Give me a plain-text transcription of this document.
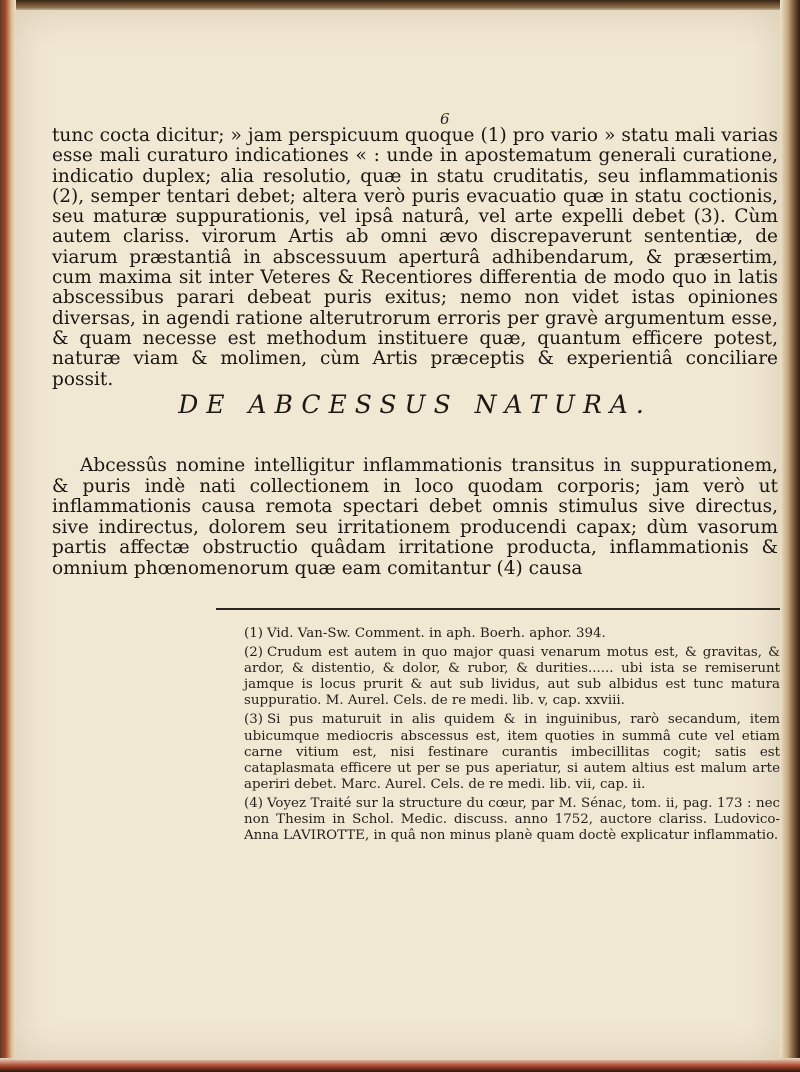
6

tunc cocta dicitur; » jam perspicuum quoque (1) pro vario » statu mali varias esse mali curaturo indicationes « : unde in apostematum generali curatione, indicatio duplex; alia resolutio, quæ in statu cruditatis, seu inflammationis (2), semper tentari debet; altera verò puris evacuatio quæ in statu coctionis, seu maturæ suppurationis, vel ipsâ naturâ, vel arte expelli debet (3). Cùm autem clariss. virorum Artis ab omni ævo discrepaverunt sententiæ, de viarum præstantiâ in abscessuum aperturâ adhibendarum, & præsertim, cum maxima sit inter Veteres & Recentiores differentia de modo quo in latis abscessibus parari debeat puris exitus; nemo non videt istas opiniones diversas, in agendi ratione alterutrorum erroris per gravè argumentum esse, & quam necesse est methodum instituere quæ, quantum efficere potest, naturæ viam & molimen, cùm Artis præceptis & experientiâ conciliare possit.

DE ABCESSUS NATURA.
Abcessûs nomine intelligitur inflammationis transitus in suppurationem, & puris indè nati collectionem in loco quodam corporis; jam verò ut inflammationis causa remota spectari debet omnis stimulus sive directus, sive indirectus, dolorem seu irritationem producendi capax; dùm vasorum partis affectæ obstructio quâdam irritatione producta, inflammationis & omnium phœnomenorum quæ eam comitantur (4) causa

(1) Vid. Van-Sw. Comment. in aph. Boerh. aphor. 394.

(2) Crudum est autem in quo major quasi venarum motus est, & gravitas, & ardor, & distentio, & dolor, & rubor, & durities...... ubi ista se remiserunt jamque is locus prurit & aut sub lividus, aut sub albidus est tunc matura suppuratio. M. Aurel. Cels. de re medi. lib. v, cap. xxviii.

(3) Si pus maturuit in alis quidem & in inguinibus, rarò secandum, item ubicumque mediocris abscessus est, item quoties in summâ cute vel etiam carne vitium est, nisi festinare curantis imbecillitas cogit; satis est cataplasmata efficere ut per se pus aperiatur, si autem altius est malum arte aperiri debet. Marc. Aurel. Cels. de re medi. lib. vii, cap. ii.

(4) Voyez Traité sur la structure du cœur, par M. Sénac, tom. ii, pag. 173 : nec non Thesim in Schol. Medic. discuss. anno 1752, auctore clariss. Ludovico-Anna LAVIROTTE, in quâ non minus planè quam doctè explicatur inflammatio.
